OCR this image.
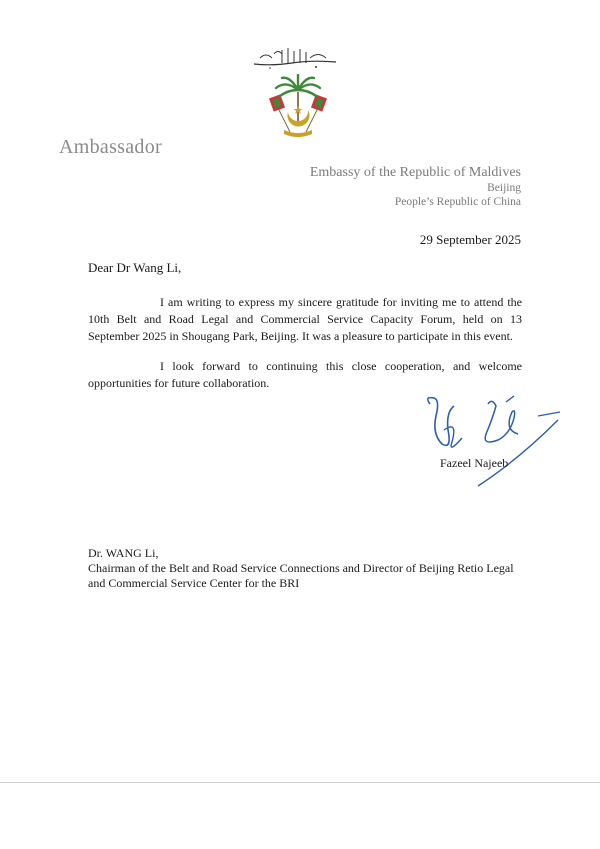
Ambassador
Embassy of the Republic of Maldives
Beijing
People’s Republic of China
29 September 2025
Dear Dr Wang Li,
I am writing to express my sincere gratitude for inviting me to attend the 10th Belt and Road Legal and Commercial Service Capacity Forum, held on 13 September 2025 in Shougang Park, Beijing. It was a pleasure to participate in this event.
I look forward to continuing this close cooperation, and welcome opportunities for future collaboration.
Fazeel Najeeb
Dr. WANG Li,
Chairman of the Belt and Road Service Connections and Director of Beijing Retio Legal and Commercial Service Center for the BRI
